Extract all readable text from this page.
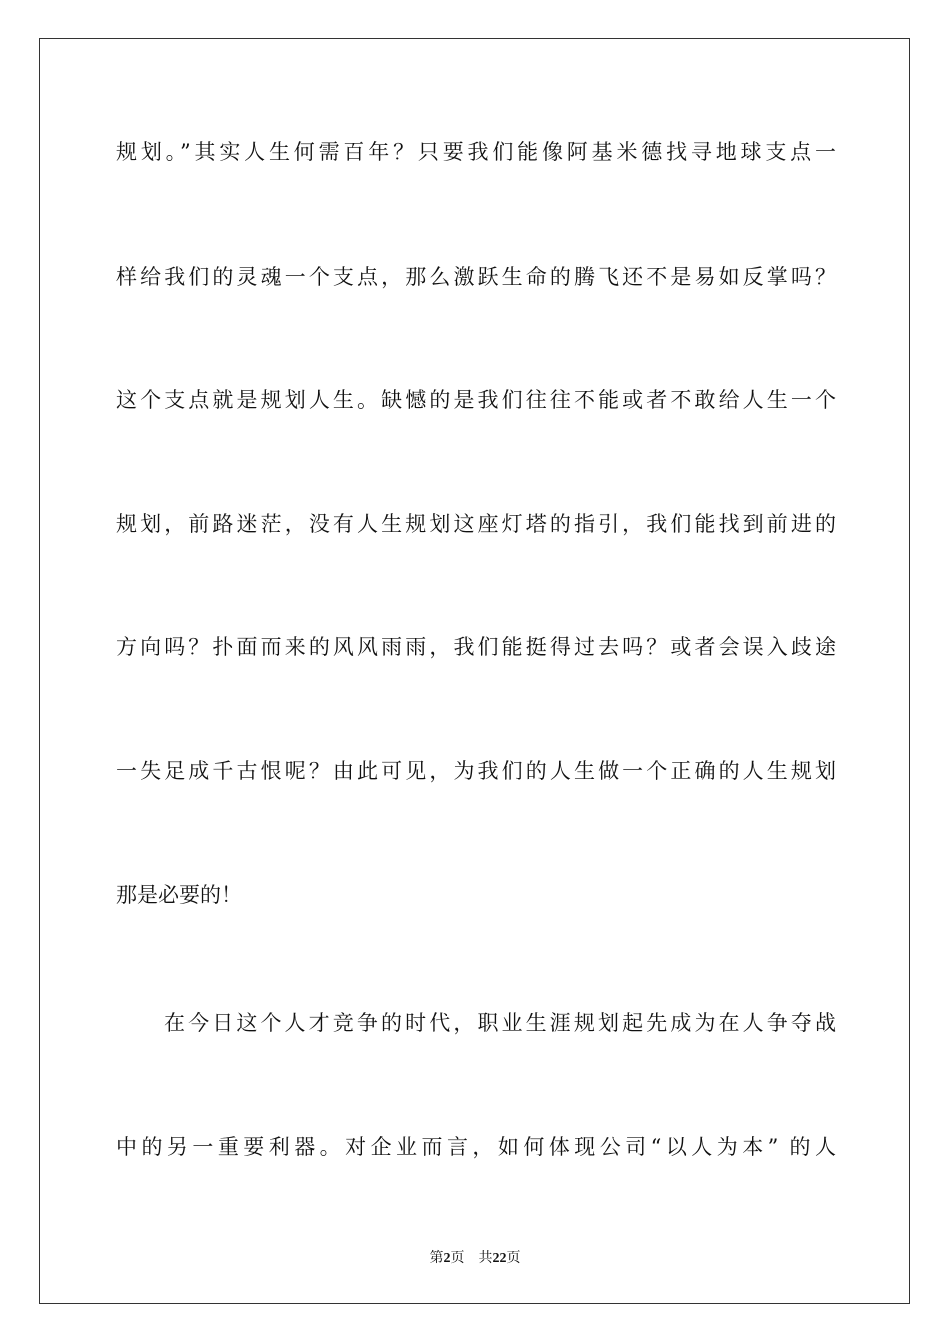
规划。”其实人生何需百年？只要我们能像阿基米德找寻地球支点一
样给我们的灵魂一个支点，那么激跃生命的腾飞还不是易如反掌吗？
这个支点就是规划人生。缺憾的是我们往往不能或者不敢给人生一个
规划，前路迷茫，没有人生规划这座灯塔的指引，我们能找到前进的
方向吗？扑面而来的风风雨雨，我们能挺得过去吗？或者会误入歧途
一失足成千古恨呢？由此可见，为我们的人生做一个正确的人生规划
那是必要的！
在今日这个人才竞争的时代，职业生涯规划起先成为在人争夺战
中的另一重要利器。对企业而言，如何体现公司“以人为本” 的人
第2页 共22页
